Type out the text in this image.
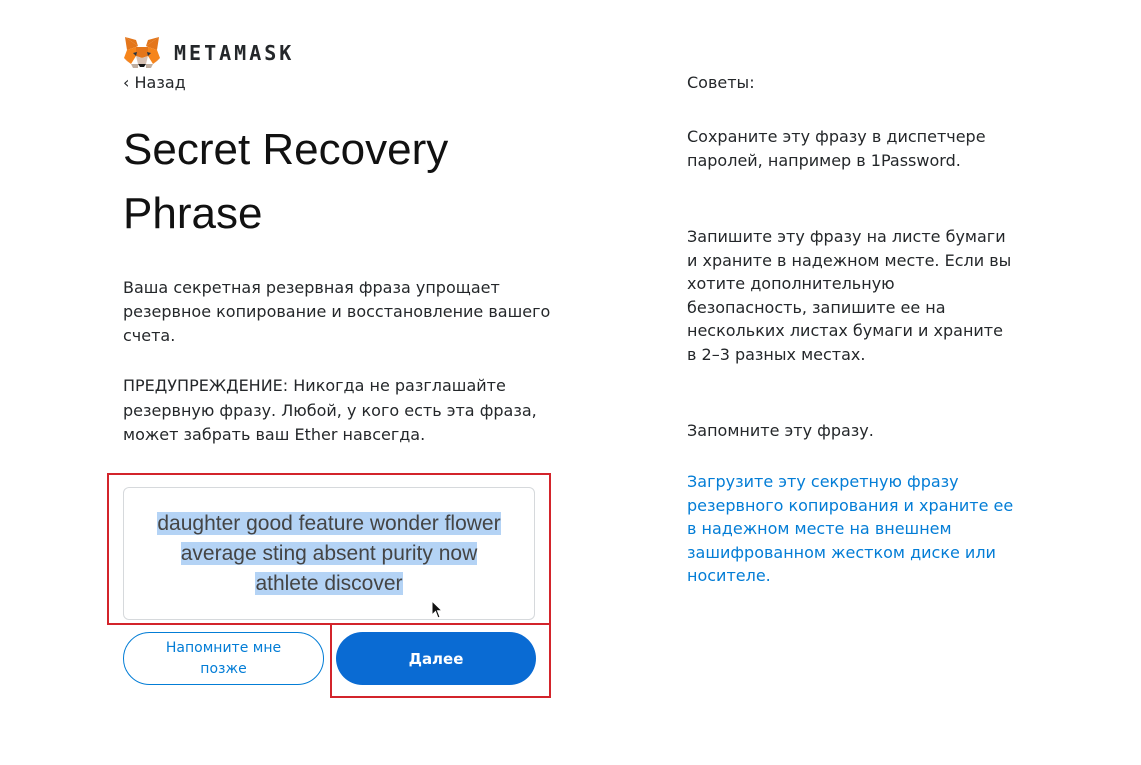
METAMASK
‹ Назад
Secret Recovery Phrase

Ваша секретная резервная фраза упрощает резервное копирование и восстановление вашего счета.

ПРЕДУПРЕЖДЕНИЕ: Никогда не разглашайте резервную фразу. Любой, у кого есть эта фраза, может забрать ваш Ether навсегда.

daughter good feature wonder flower average sting absent purity now athlete discover
Напомните мне позже
Далее

Советы:

Сохраните эту фразу в диспетчере паролей, например в 1Password.

Запишите эту фразу на листе бумаги и храните в надежном месте. Если вы хотите дополнительную безопасность, запишите ее на нескольких листах бумаги и храните в 2–3 разных местах.

Запомните эту фразу.

Загрузите эту секретную фразу резервного копирования и храните ее в надежном месте на внешнем зашифрованном жестком диске или носителе.
